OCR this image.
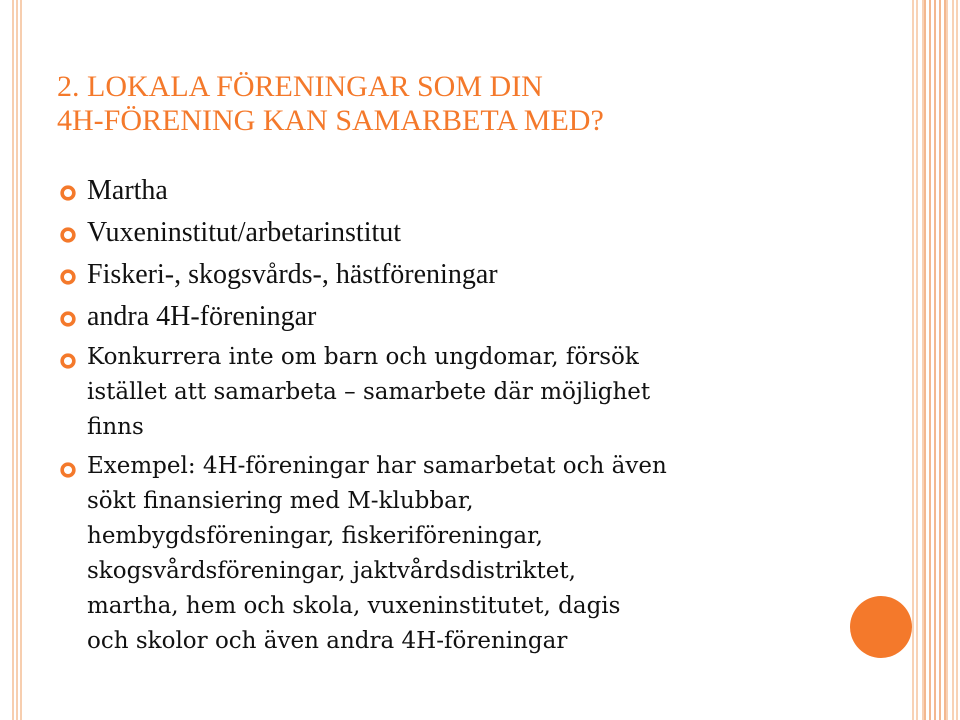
2. LOKALA FÖRENINGAR SOM DIN
4H-FÖRENING KAN SAMARBETA MED?
Martha
Vuxeninstitut/arbetarinstitut
Fiskeri-, skogsvårds-, hästföreningar
andra 4H-föreningar
Konkurrera inte om barn och ungdomar, försök
istället att samarbeta – samarbete där möjlighet
finns
Exempel: 4H-föreningar har samarbetat och även
sökt finansiering med M-klubbar,
hembygdsföreningar, fiskeriföreningar,
skogsvårdsföreningar, jaktvårdsdistriktet,
martha, hem och skola, vuxeninstitutet, dagis
och skolor och även andra 4H-föreningar
